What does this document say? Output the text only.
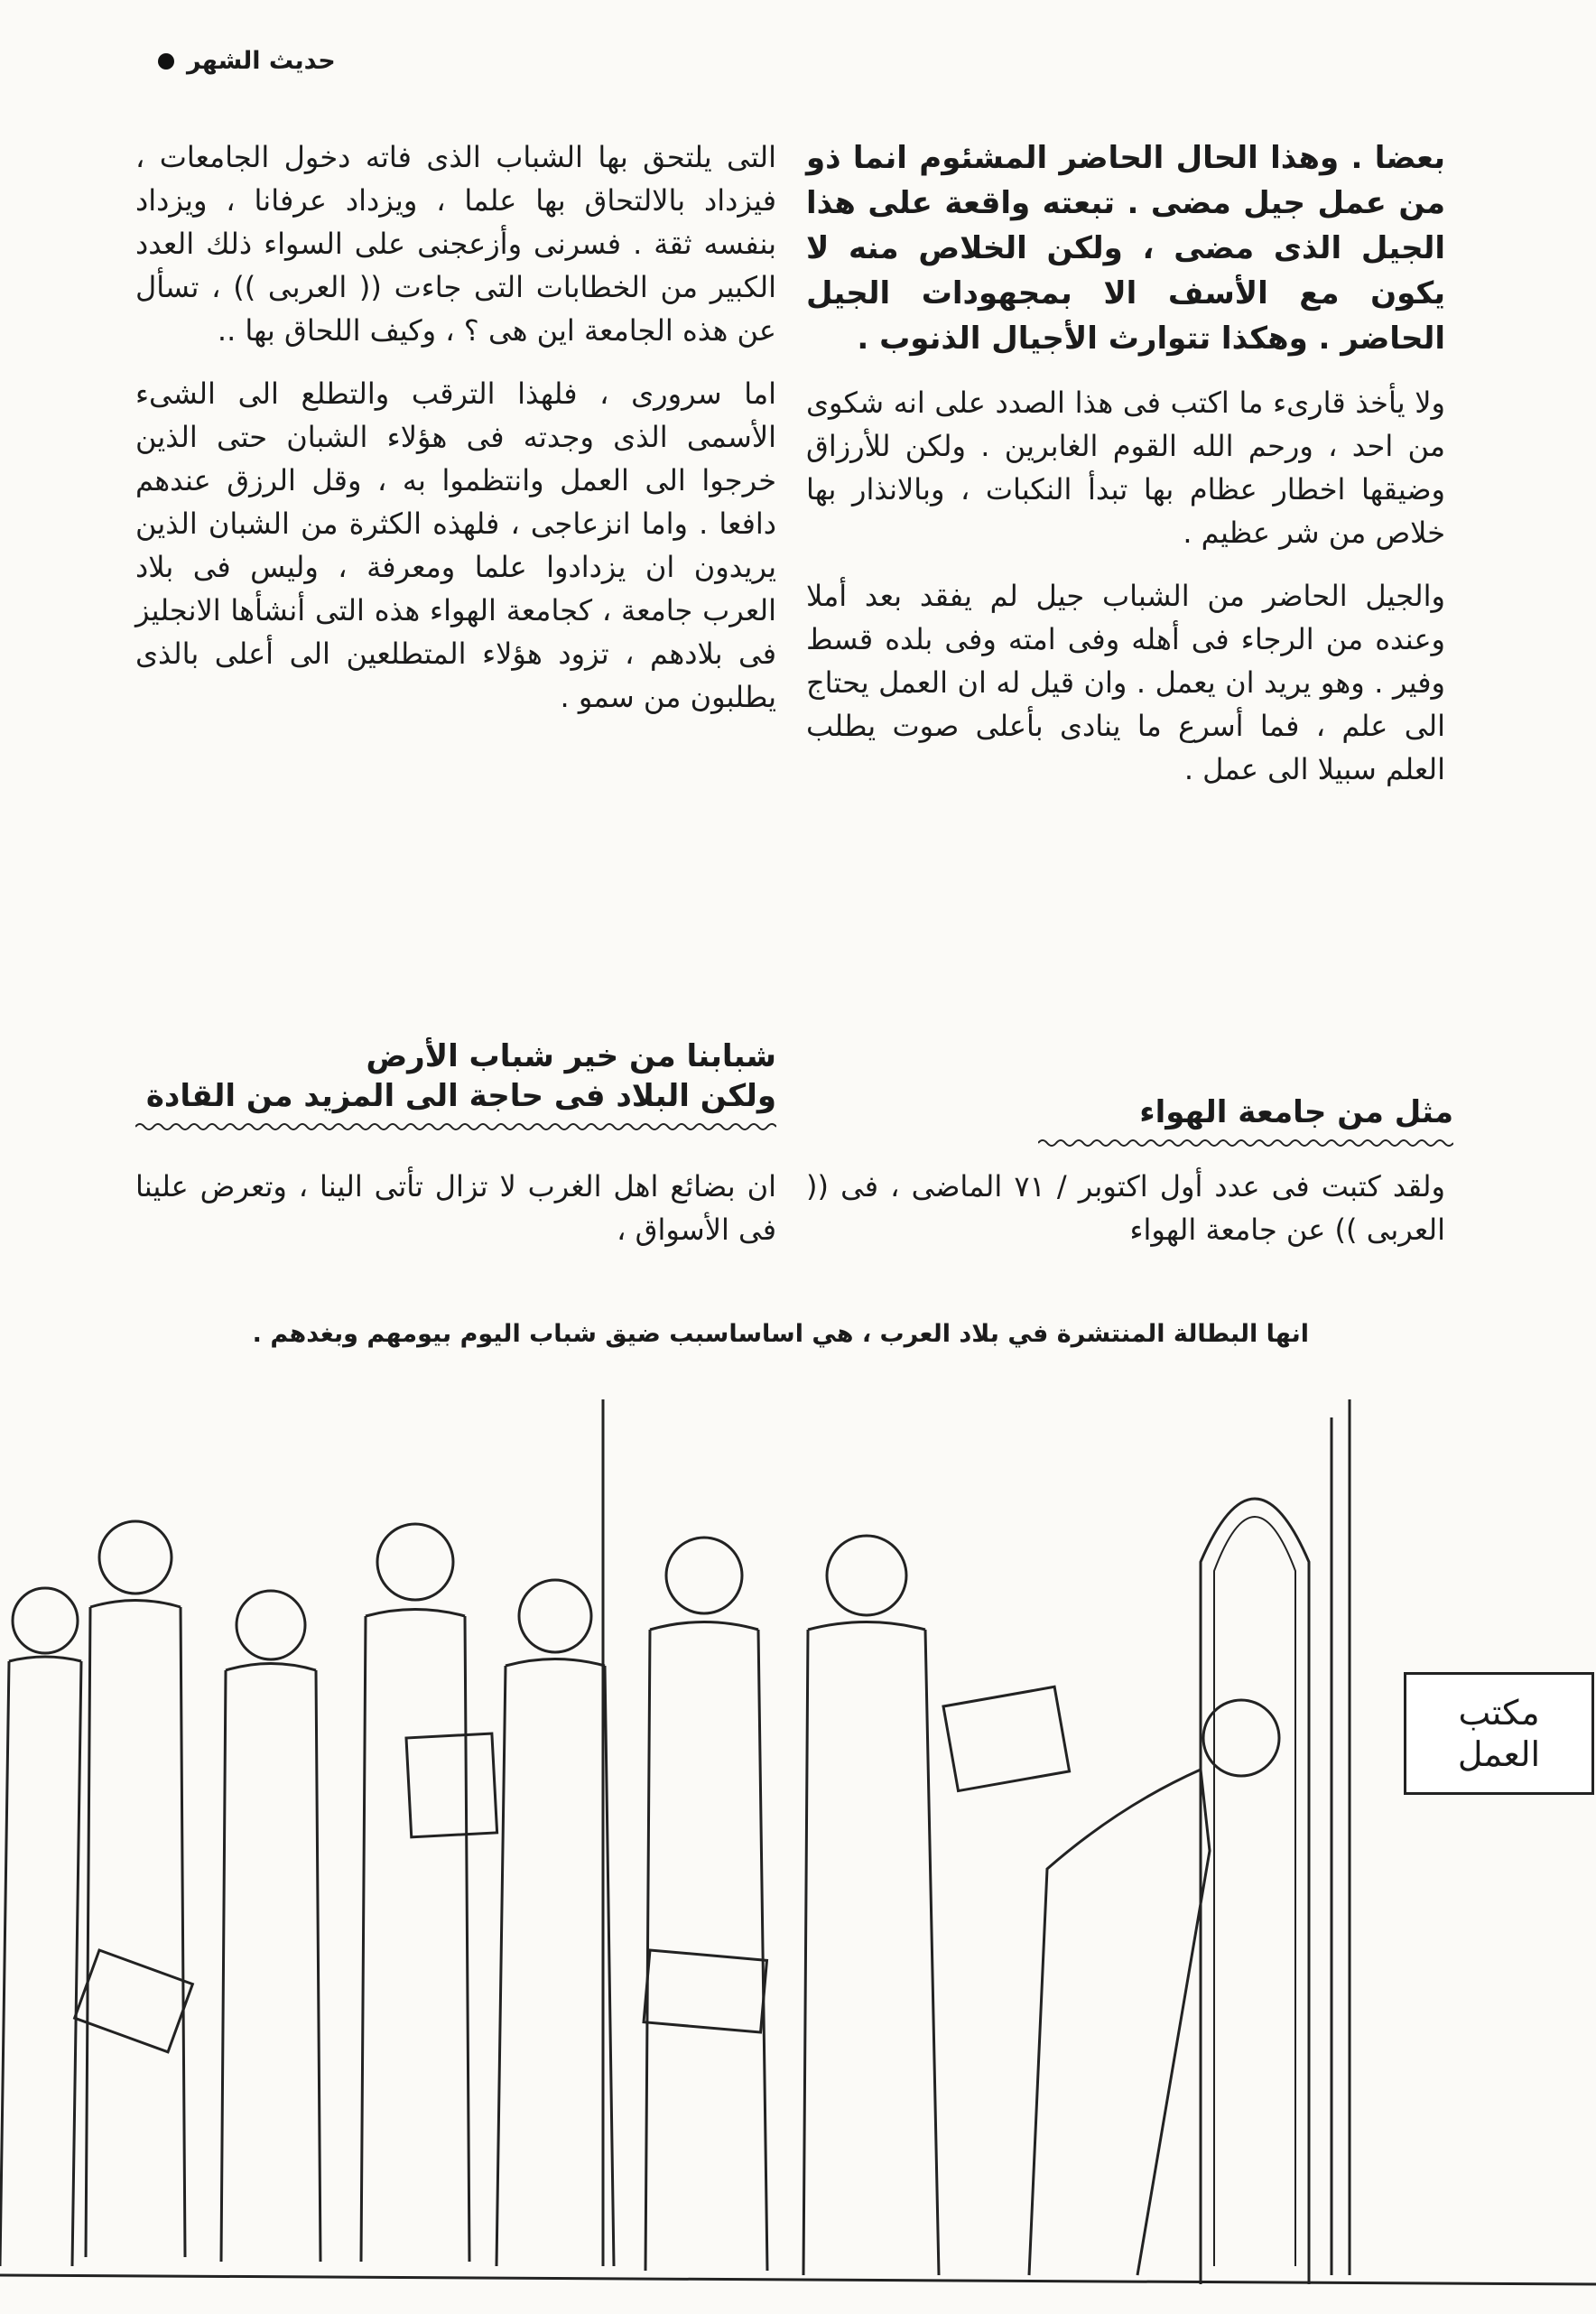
حديث الشهر

بعضا . وهذا الحال الحاضر المشئوم انما ذو من عمل جيل مضى . تبعته واقعة على هذا الجيل الذى مضى ، ولكن الخلاص منه لا يكون مع الأسف الا بمجهودات الجيل الحاضر . وهكذا تتوارث الأجيال الذنوب .

ولا يأخذ قارىء ما اكتب فى هذا الصدد على انه شكوى من احد ، ورحم الله القوم الغابرين . ولكن للأرزاق وضيقها اخطار عظام بها تبدأ النكبات ، وبالانذار بها خلاص من شر عظيم .

والجيل الحاضر من الشباب جيل لم يفقد بعد أملا وعنده من الرجاء فى أهله وفى امته وفى بلده قسط وفير . وهو يريد ان يعمل . وان قيل له ان العمل يحتاج الى علم ، فما أسرع ما ينادى بأعلى صوت يطلب العلم سبيلا الى عمل .

التى يلتحق بها الشباب الذى فاته دخول الجامعات ، فيزداد بالالتحاق بها علما ، ويزداد عرفانا ، ويزداد بنفسه ثقة . فسرنى وأزعجنى على السواء ذلك العدد الكبير من الخطابات التى جاءت (( العربى )) ، تسأل عن هذه الجامعة اين هى ؟ ، وكيف اللحاق بها ..

اما سرورى ، فلهذا الترقب والتطلع الى الشىء الأسمى الذى وجدته فى هؤلاء الشبان حتى الذين خرجوا الى العمل وانتظموا به ، وقل الرزق عندهم دافعا . واما انزعاجى ، فلهذه الكثرة من الشبان الذين يريدون ان يزدادوا علما ومعرفة ، وليس فى بلاد العرب جامعة ، كجامعة الهواء هذه التى أنشأها الانجليز فى بلادهم ، تزود هؤلاء المتطلعين الى أعلى بالذى يطلبون من سمو .

مثل من جامعة الهواء
شبابنا من خير شباب الأرض
ولكن البلاد فى حاجة الى المزيد من القادة

ولقد كتبت فى عدد أول اكتوبر / ٧١ الماضى ، فى (( العربى )) عن جامعة الهواء

ان بضائع اهل الغرب لا تزال تأتى الينا ، وتعرض علينا فى الأسواق ،

انها البطالة المنتشرة في بلاد العرب ، هي اساساسبب ضيق شباب اليوم بيومهم وبغدهم .
مكتب
العمل
